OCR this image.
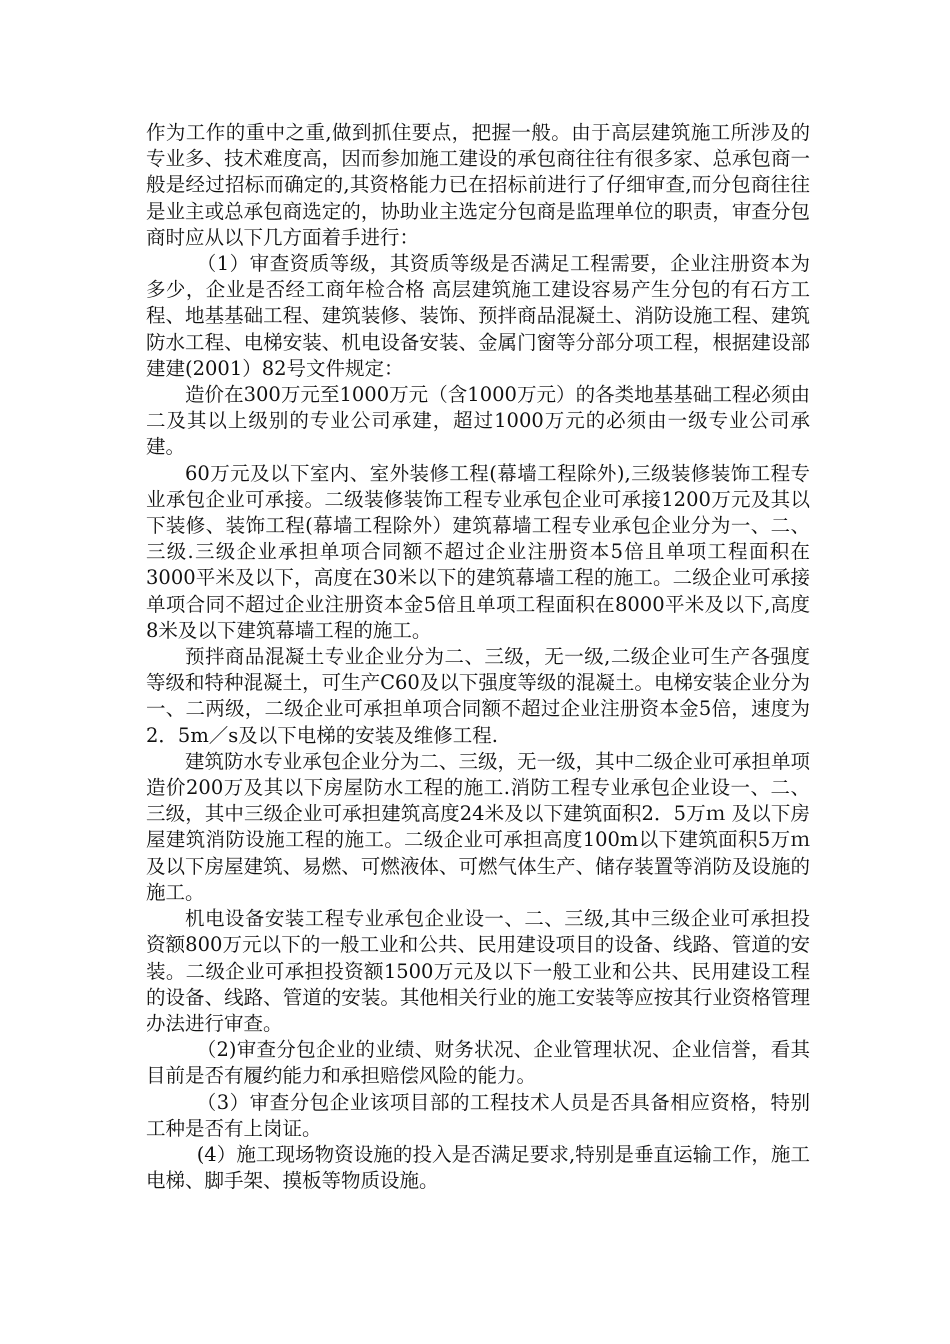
作为工作的重中之重,做到抓住要点，把握一般。由于高层建筑施工所涉及的专业多、技术难度高，因而参加施工建设的承包商往往有很多家、总承包商一般是经过招标而确定的,其资格能力已在招标前进行了仔细审查,而分包商往往是业主或总承包商选定的，协助业主选定分包商是监理单位的职责，审查分包商时应从以下几方面着手进行：

（1）审查资质等级，其资质等级是否满足工程需要，企业注册资本为多少，企业是否经工商年检合格 高层建筑施工建设容易产生分包的有石方工程、地基基础工程、建筑装修、装饰、预拌商品混凝土、消防设施工程、建筑防水工程、电梯安装、机电设备安装、金属门窗等分部分项工程，根据建设部建建(2001）82号文件规定：

造价在300万元至1000万元（含1000万元）的各类地基基础工程必须由二及其以上级别的专业公司承建，超过1000万元的必须由一级专业公司承建。

60万元及以下室内、室外装修工程(幕墙工程除外),三级装修装饰工程专业承包企业可承接。二级装修装饰工程专业承包企业可承接1200万元及其以下装修、装饰工程(幕墙工程除外）建筑幕墙工程专业承包企业分为一、二、三级.三级企业承担单项合同额不超过企业注册资本5倍且单项工程面积在3000平米及以下，高度在30米以下的建筑幕墙工程的施工。二级企业可承接单项合同不超过企业注册资本金5倍且单项工程面积在8000平米及以下,高度8米及以下建筑幕墙工程的施工。

预拌商品混凝土专业企业分为二、三级，无一级,二级企业可生产各强度等级和特种混凝土，可生产C60及以下强度等级的混凝土。电梯安装企业分为一、二两级，二级企业可承担单项合同额不超过企业注册资本金5倍，速度为2．5m／s及以下电梯的安装及维修工程.

建筑防水专业承包企业分为二、三级，无一级，其中二级企业可承担单项造价200万及其以下房屋防水工程的施工.消防工程专业承包企业设一、二、三级，其中三级企业可承担建筑高度24米及以下建筑面积2．5万ｍ 及以下房屋建筑消防设施工程的施工。二级企业可承担高度100m以下建筑面积5万ｍ 及以下房屋建筑、易燃、可燃液体、可燃气体生产、储存装置等消防及设施的施工。

机电设备安装工程专业承包企业设一、二、三级,其中三级企业可承担投资额800万元以下的一般工业和公共、民用建设项目的设备、线路、管道的安装。二级企业可承担投资额1500万元及以下一般工业和公共、民用建设工程的设备、线路、管道的安装。其他相关行业的施工安装等应按其行业资格管理办法进行审查。

（2)审查分包企业的业绩、财务状况、企业管理状况、企业信誉，看其目前是否有履约能力和承担赔偿风险的能力。

（3）审查分包企业该项目部的工程技术人员是否具备相应资格，特别工种是否有上岗证。

(4）施工现场物资设施的投入是否满足要求,特别是垂直运输工作，施工电梯、脚手架、摸板等物质设施。
